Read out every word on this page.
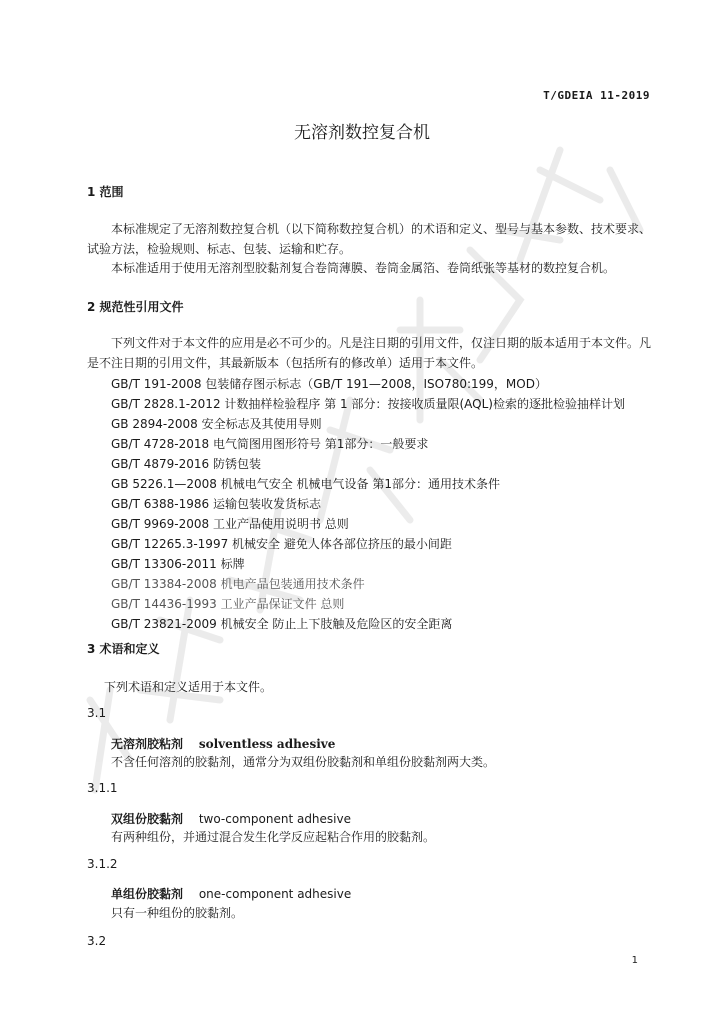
T/GDEIA 11-2019
无溶剂数控复合机
1 范围

本标准规定了无溶剂数控复合机（以下简称数控复合机）的术语和定义、型号与基本参数、技术要求、试验方法，检验规则、标志、包装、运输和贮存。

本标准适用于使用无溶剂型胶黏剂复合卷筒薄膜、卷筒金属箔、卷筒纸张等基材的数控复合机。

2 规范性引用文件

下列文件对于本文件的应用是必不可少的。凡是注日期的引用文件，仅注日期的版本适用于本文件。凡是不注日期的引用文件，其最新版本（包括所有的修改单）适用于本文件。

GB/T 191-2008 包装储存图示标志（GB/T 191—2008，ISO780:199，MOD）
GB/T 2828.1-2012 计数抽样检验程序 第 1 部分：按接收质量限(AQL)检索的逐批检验抽样计划
GB 2894-2008 安全标志及其使用导则
GB/T 4728-2018 电气简图用图形符号 第1部分：一般要求
GB/T 4879-2016 防锈包装
GB 5226.1—2008 机械电气安全 机械电气设备 第1部分：通用技术条件
GB/T 6388-1986 运输包装收发货标志
GB/T 9969-2008 工业产品使用说明书 总则
GB/T 12265.3-1997 机械安全 避免人体各部位挤压的最小间距
GB/T 13306-2011 标牌
GB/T 13384-2008 机电产品包装通用技术条件
GB/T 14436-1993 工业产品保证文件 总则
GB/T 23821-2009 机械安全 防止上下肢触及危险区的安全距离
3 术语和定义
下列术语和定义适用于本文件。
3.1
无溶剂胶粘剂 solventless adhesive
不含任何溶剂的胶黏剂，通常分为双组份胶黏剂和单组份胶黏剂两大类。
3.1.1
双组份胶黏剂 two-component adhesive
有两种组份，并通过混合发生化学反应起粘合作用的胶黏剂。
3.1.2
单组份胶黏剂 one-component adhesive
只有一种组份的胶黏剂。
3.2
1
